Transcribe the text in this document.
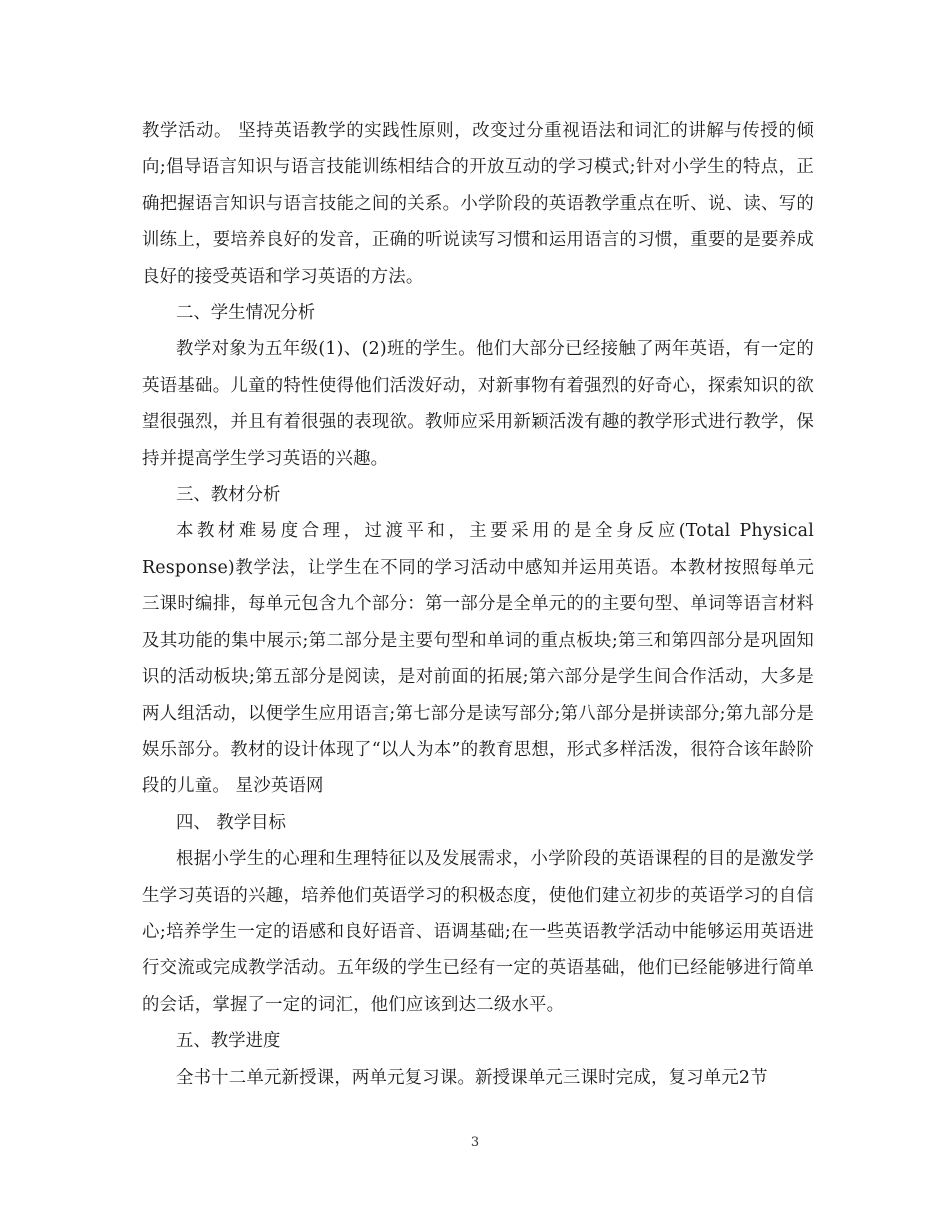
教学活动。 坚持英语教学的实践性原则，改变过分重视语法和词汇的讲解与传授的倾向;倡导语言知识与语言技能训练相结合的开放互动的学习模式;针对小学生的特点，正确把握语言知识与语言技能之间的关系。小学阶段的英语教学重点在听、说、读、写的训练上，要培养良好的发音，正确的听说读写习惯和运用语言的习惯，重要的是要养成良好的接受英语和学习英语的方法。

二、学生情况分析

教学对象为五年级(1)、(2)班的学生。他们大部分已经接触了两年英语，有一定的英语基础。儿童的特性使得他们活泼好动，对新事物有着强烈的好奇心，探索知识的欲望很强烈，并且有着很强的表现欲。教师应采用新颖活泼有趣的教学形式进行教学，保持并提高学生学习英语的兴趣。

三、教材分析

本教材难易度合理，过渡平和，主要采用的是全身反应(Total Physical Response)教学法，让学生在不同的学习活动中感知并运用英语。本教材按照每单元三课时编排，每单元包含九个部分：第一部分是全单元的的主要句型、单词等语言材料及其功能的集中展示;第二部分是主要句型和单词的重点板块;第三和第四部分是巩固知识的活动板块;第五部分是阅读，是对前面的拓展;第六部分是学生间合作活动，大多是两人组活动，以便学生应用语言;第七部分是读写部分;第八部分是拼读部分;第九部分是娱乐部分。教材的设计体现了“以人为本”的教育思想，形式多样活泼，很符合该年龄阶段的儿童。 星沙英语网

四、 教学目标

根据小学生的心理和生理特征以及发展需求，小学阶段的英语课程的目的是激发学生学习英语的兴趣，培养他们英语学习的积极态度，使他们建立初步的英语学习的自信心;培养学生一定的语感和良好语音、语调基础;在一些英语教学活动中能够运用英语进行交流或完成教学活动。五年级的学生已经有一定的英语基础，他们已经能够进行简单的会话，掌握了一定的词汇，他们应该到达二级水平。

五、教学进度

全书十二单元新授课，两单元复习课。新授课单元三课时完成，复习单元2节

3
